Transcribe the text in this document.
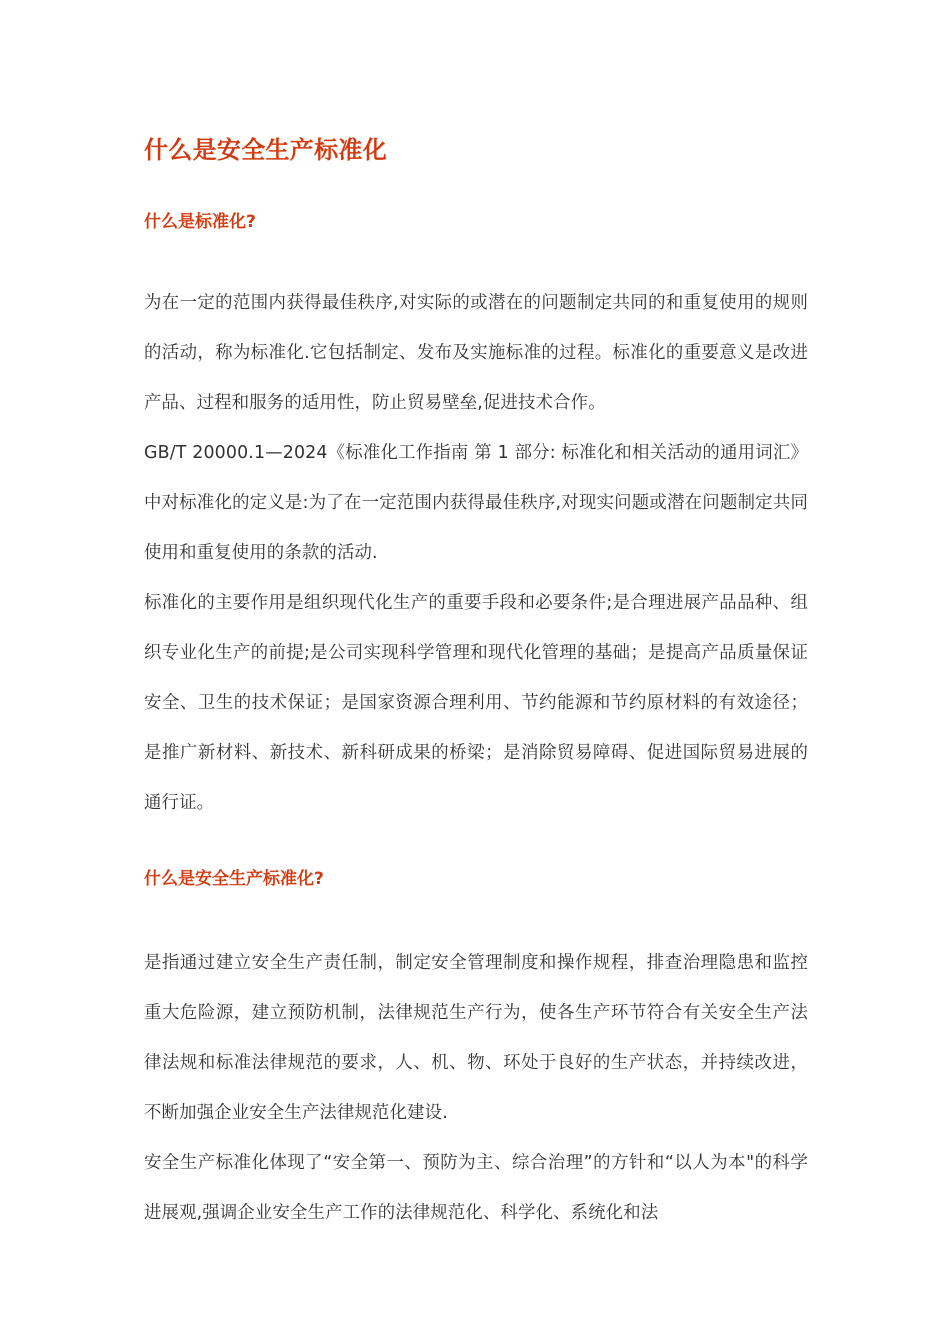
什么是安全生产标准化
什么是标准化?

为在一定的范围内获得最佳秩序,对实际的或潜在的问题制定共同的和重复使用的规则的活动，称为标准化.它包括制定、发布及实施标准的过程。标准化的重要意义是改进产品、过程和服务的适用性，防止贸易壁垒,促进技术合作。

GB/T 20000.1—2024《标准化工作指南 第 1 部分: 标准化和相关活动的通用词汇》中对标准化的定义是:为了在一定范围内获得最佳秩序,对现实问题或潜在问题制定共同使用和重复使用的条款的活动.

标准化的主要作用是组织现代化生产的重要手段和必要条件;是合理进展产品品种、组织专业化生产的前提;是公司实现科学管理和现代化管理的基础；是提高产品质量保证安全、卫生的技术保证；是国家资源合理利用、节约能源和节约原材料的有效途径；是推广新材料、新技术、新科研成果的桥梁；是消除贸易障碍、促进国际贸易进展的通行证。

什么是安全生产标准化?

是指通过建立安全生产责任制，制定安全管理制度和操作规程，排查治理隐患和监控重大危险源，建立预防机制，法律规范生产行为，使各生产环节符合有关安全生产法律法规和标准法律规范的要求，人、机、物、环处于良好的生产状态，并持续改进，不断加强企业安全生产法律规范化建设.

安全生产标准化体现了“安全第一、预防为主、综合治理”的方针和“以人为本"的科学进展观,强调企业安全生产工作的法律规范化、科学化、系统化和法
